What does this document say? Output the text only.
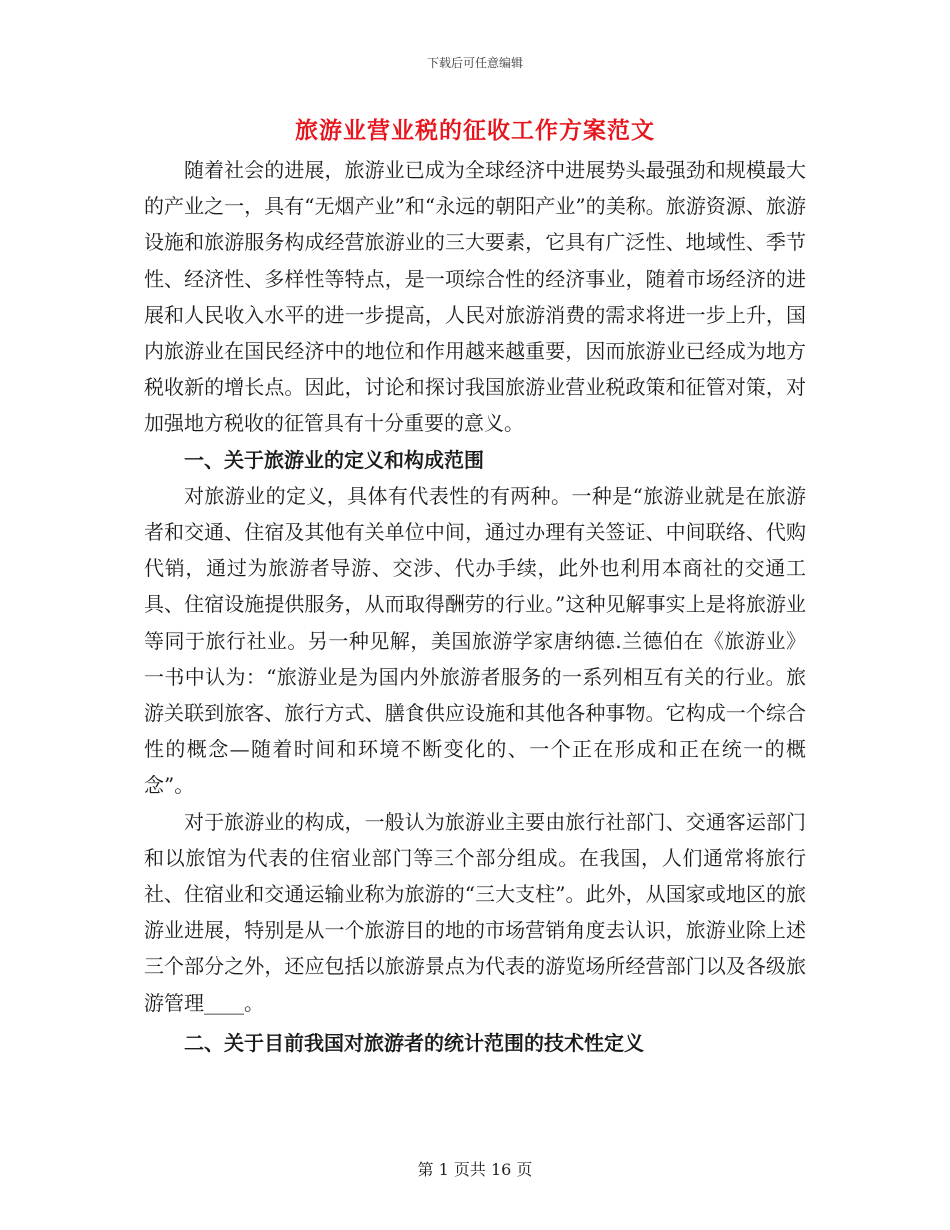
下载后可任意编辑
旅游业营业税的征收工作方案范文

随着社会的进展，旅游业已成为全球经济中进展势头最强劲和规模最大的产业之一，具有“无烟产业”和“永远的朝阳产业”的美称。旅游资源、旅游设施和旅游服务构成经营旅游业的三大要素，它具有广泛性、地域性、季节性、经济性、多样性等特点，是一项综合性的经济事业，随着市场经济的进展和人民收入水平的进一步提高，人民对旅游消费的需求将进一步上升，国内旅游业在国民经济中的地位和作用越来越重要，因而旅游业已经成为地方税收新的增长点。因此，讨论和探讨我国旅游业营业税政策和征管对策，对加强地方税收的征管具有十分重要的意义。

一、关于旅游业的定义和构成范围

对旅游业的定义，具体有代表性的有两种。一种是“旅游业就是在旅游者和交通、住宿及其他有关单位中间，通过办理有关签证、中间联络、代购代销，通过为旅游者导游、交涉、代办手续，此外也利用本商社的交通工具、住宿设施提供服务，从而取得酬劳的行业。”这种见解事实上是将旅游业等同于旅行社业。另一种见解，美国旅游学家唐纳德.兰德伯在《旅游业》一书中认为：“旅游业是为国内外旅游者服务的一系列相互有关的行业。旅游关联到旅客、旅行方式、膳食供应设施和其他各种事物。它构成一个综合性的概念—随着时间和环境不断变化的、一个正在形成和正在统一的概念”。

对于旅游业的构成，一般认为旅游业主要由旅行社部门、交通客运部门和以旅馆为代表的住宿业部门等三个部分组成。在我国，人们通常将旅行社、住宿业和交通运输业称为旅游的“三大支柱”。此外，从国家或地区的旅游业进展，特别是从一个旅游目的地的市场营销角度去认识，旅游业除上述三个部分之外，还应包括以旅游景点为代表的游览场所经营部门以及各级旅游管理____。

二、关于目前我国对旅游者的统计范围的技术性定义

第 1 页共 16 页
